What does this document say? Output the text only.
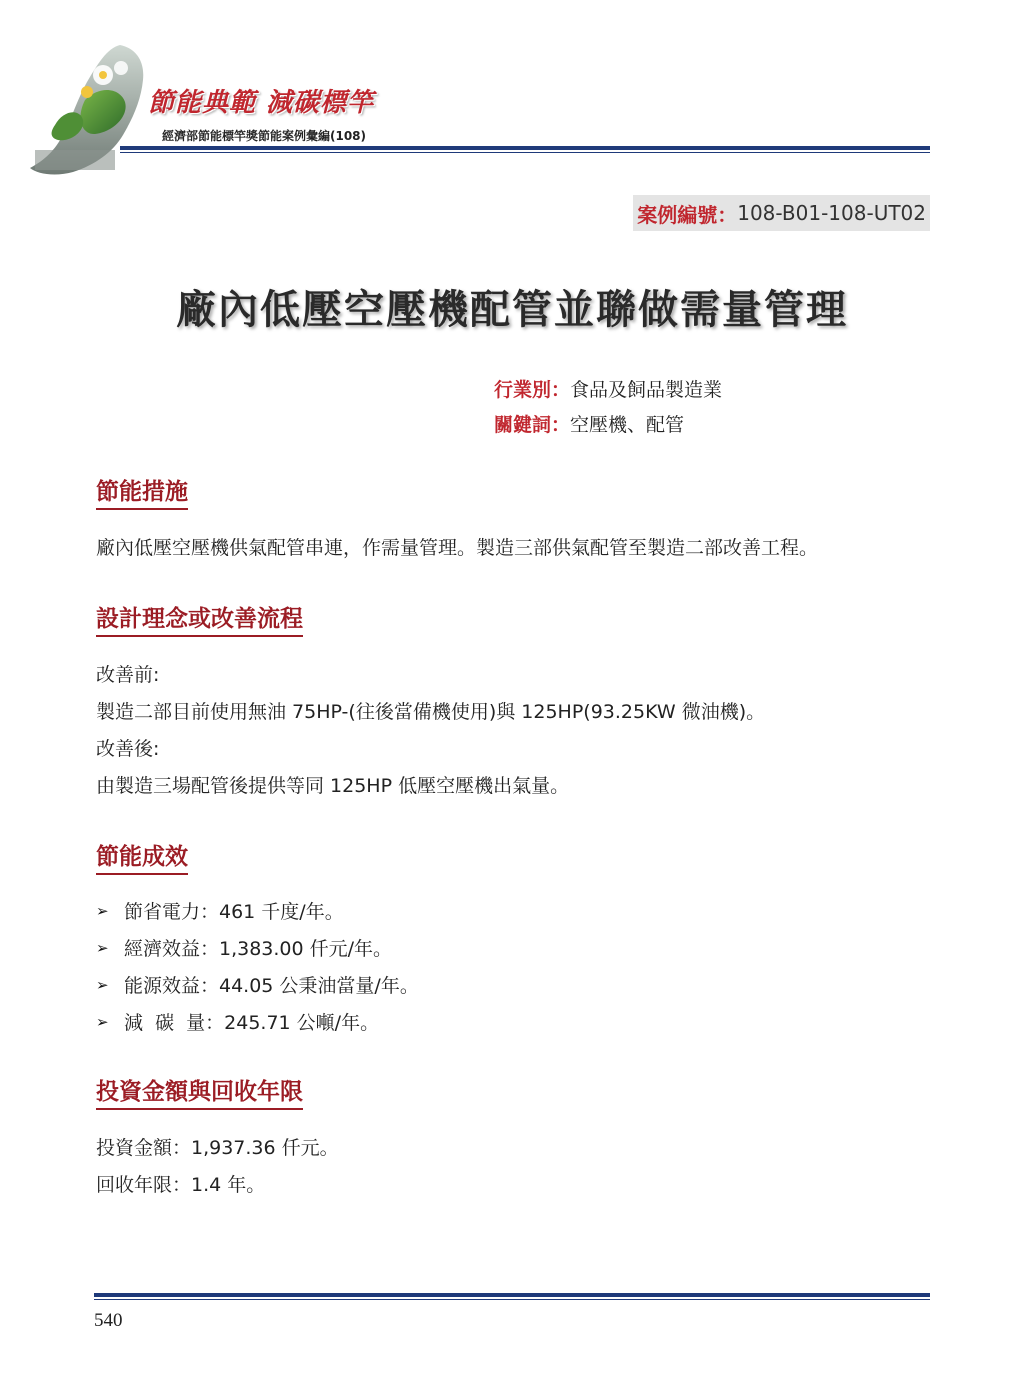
節能典範 減碳標竿
經濟部節能標竿獎節能案例彙編(108)
案例編號： 108-B01-108-UT02
廠內低壓空壓機配管並聯做需量管理
行業別：食品及飼品製造業
關鍵詞：空壓機、配管
節能措施
廠內低壓空壓機供氣配管串連，作需量管理。製造三部供氣配管至製造二部改善工程。
設計理念或改善流程
改善前:
製造二部目前使用無油 75HP-(往後當備機使用)與 125HP(93.25KW 微油機)。
改善後:
由製造三場配管後提供等同 125HP 低壓空壓機出氣量。
節能成效
➢ 節省電力：461 千度/年。
➢ 經濟效益：1,383.00 仟元/年。
➢ 能源效益：44.05 公秉油當量/年。
➢ 減  碳  量：245.71 公噸/年。
投資金額與回收年限
投資金額：1,937.36 仟元。
回收年限：1.4 年。
540
